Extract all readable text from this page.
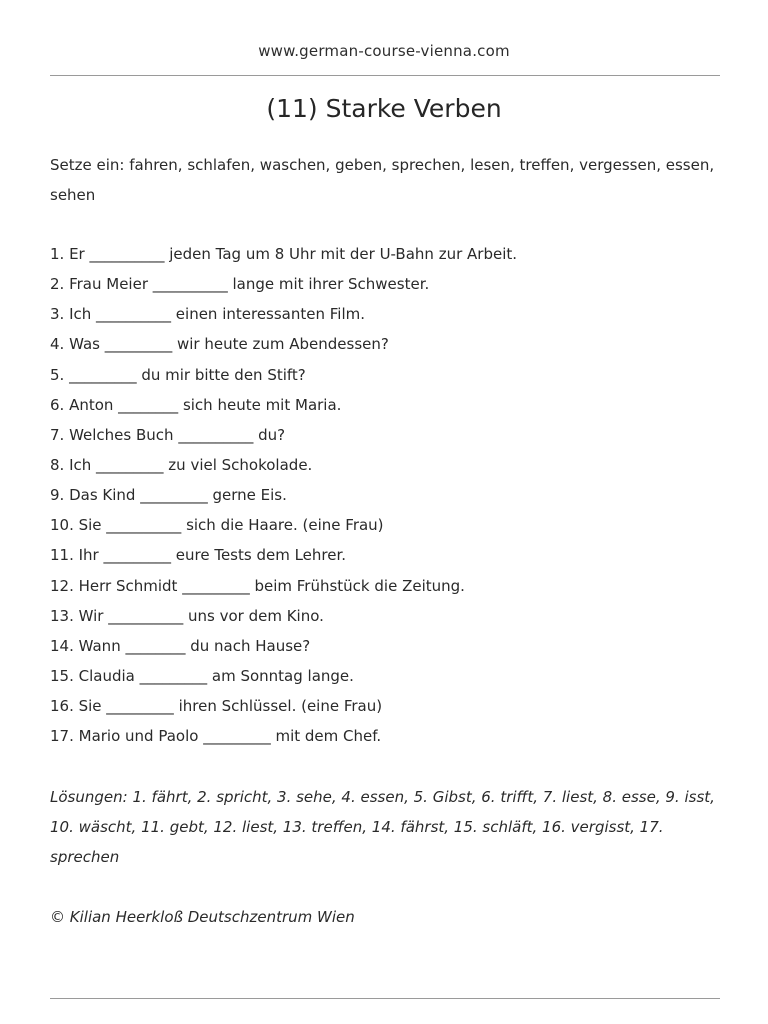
www.german-course-vienna.com
(11) Starke Verben

Setze ein: fahren, schlafen, waschen, geben, sprechen, lesen, treffen, vergessen, essen, sehen

1. Er __________ jeden Tag um 8 Uhr mit der U-Bahn zur Arbeit.
2. Frau Meier __________ lange mit ihrer Schwester.
3. Ich __________ einen interessanten Film.
4. Was _________ wir heute zum Abendessen?
5. _________ du mir bitte den Stift?
6. Anton ________ sich heute mit Maria.
7. Welches Buch __________ du?
8. Ich _________ zu viel Schokolade.
9. Das Kind _________ gerne Eis.
10. Sie __________ sich die Haare. (eine Frau)
11. Ihr _________ eure Tests dem Lehrer.
12. Herr Schmidt _________ beim Frühstück die Zeitung.
13. Wir __________ uns vor dem Kino.
14. Wann ________ du nach Hause?
15. Claudia _________ am Sonntag lange.
16. Sie _________ ihren Schlüssel. (eine Frau)
17. Mario und Paolo _________ mit dem Chef.

Lösungen: 1. fährt, 2. spricht, 3. sehe, 4. essen, 5. Gibst, 6. trifft, 7. liest, 8. esse, 9. isst, 10. wäscht, 11. gebt, 12. liest, 13. treffen, 14. fährst, 15. schläft, 16. vergisst, 17. sprechen

© Kilian Heerkloß Deutschzentrum Wien
